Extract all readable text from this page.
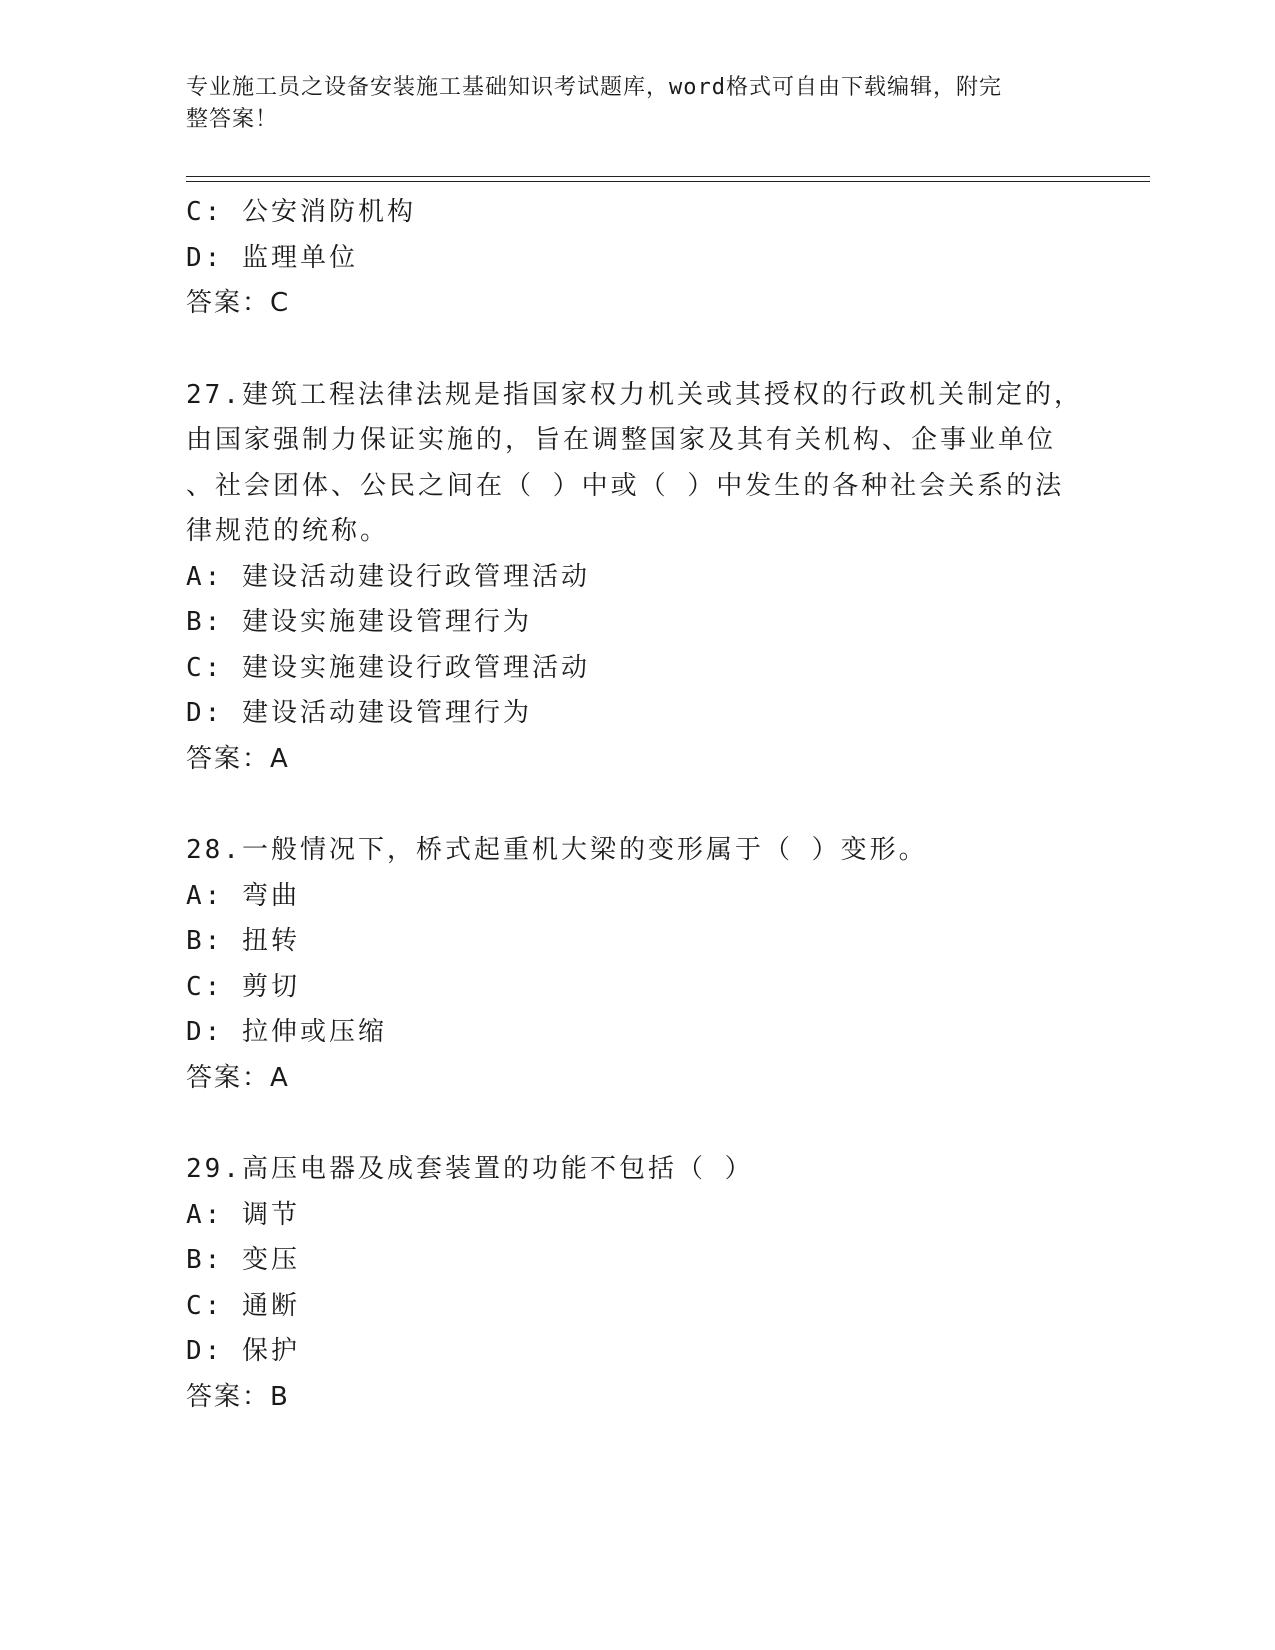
专业施工员之设备安装施工基础知识考试题库，word格式可自由下载编辑，附完
整答案！
C: 公安消防机构
D: 监理单位
答案：C
27.建筑工程法律法规是指国家权力机关或其授权的行政机关制定的，
由国家强制力保证实施的，旨在调整国家及其有关机构、企事业单位
、社会团体、公民之间在（ ）中或（ ）中发生的各种社会关系的法
律规范的统称。
A: 建设活动建设行政管理活动
B: 建设实施建设管理行为
C: 建设实施建设行政管理活动
D: 建设活动建设管理行为
答案：A
28.一般情况下，桥式起重机大梁的变形属于（ ）变形。
A: 弯曲
B: 扭转
C: 剪切
D: 拉伸或压缩
答案：A
29.高压电器及成套装置的功能不包括（ ）
A: 调节
B: 变压
C: 通断
D: 保护
答案：B
